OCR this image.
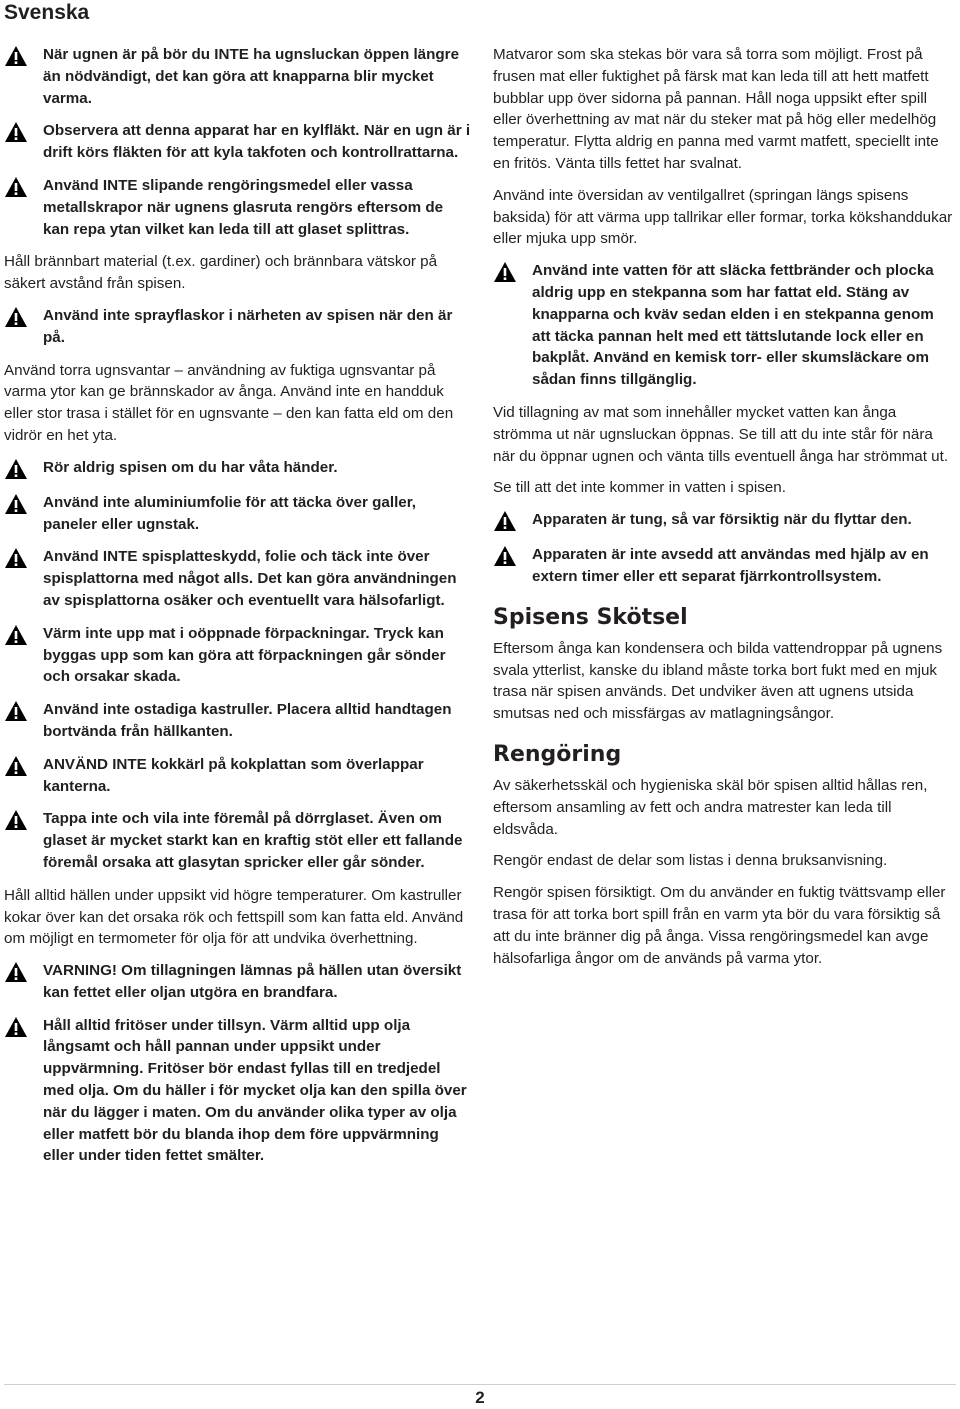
Svenska
När ugnen är på bör du INTE ha ugnsluckan öppen längre än nödvändigt, det kan göra att knapparna blir mycket varma.
Observera att denna apparat har en kylfläkt. När en ugn är i drift körs fläkten för att kyla takfoten och kontrollrattarna.
Använd INTE slipande rengöringsmedel eller vassa metallskrapor när ugnens glasruta rengörs eftersom de kan repa ytan vilket kan leda till att glaset splittras.

Håll brännbart material (t.ex. gardiner) och brännbara vätskor på säkert avstånd från spisen.

Använd inte sprayflaskor i närheten av spisen när den är på.

Använd torra ugnsvantar – användning av fuktiga ugnsvantar på varma ytor kan ge brännskador av ånga. Använd inte en handduk eller stor trasa i stället för en ugnsvante – den kan fatta eld om den vidrör en het yta.

Rör aldrig spisen om du har våta händer.
Använd inte aluminiumfolie för att täcka över galler, paneler eller ugnstak.
Använd INTE spisplatteskydd, folie och täck inte över spisplattorna med något alls. Det kan göra användningen av spisplattorna osäker och eventuellt vara hälsofarligt.
Värm inte upp mat i oöppnade förpackningar. Tryck kan byggas upp som kan göra att förpackningen går sönder och orsakar skada.
Använd inte ostadiga kastruller. Placera alltid handtagen bortvända från hällkanten.
ANVÄND INTE kokkärl på kokplattan som överlappar kanterna.
Tappa inte och vila inte föremål på dörrglaset. Även om glaset är mycket starkt kan en kraftig stöt eller ett fallande föremål orsaka att glasytan spricker eller går sönder.

Håll alltid hällen under uppsikt vid högre temperaturer. Om kastruller kokar över kan det orsaka rök och fettspill som kan fatta eld. Använd om möjligt en termometer för olja för att undvika överhettning.

VARNING! Om tillagningen lämnas på hällen utan översikt kan fettet eller oljan utgöra en brandfara.
Håll alltid fritöser under tillsyn. Värm alltid upp olja långsamt och håll pannan under uppsikt under uppvärmning. Fritöser bör endast fyllas till en tredjedel med olja. Om du häller i för mycket olja kan den spilla över när du lägger i maten. Om du använder olika typer av olja eller matfett bör du blanda ihop dem före uppvärmning eller under tiden fettet smälter.

Matvaror som ska stekas bör vara så torra som möjligt. Frost på frusen mat eller fuktighet på färsk mat kan leda till att hett matfett bubblar upp över sidorna på pannan. Håll noga uppsikt efter spill eller överhettning av mat när du steker mat på hög eller medelhög temperatur. Flytta aldrig en panna med varmt matfett, speciellt inte en fritös. Vänta tills fettet har svalnat.

Använd inte översidan av ventilgallret (springan längs spisens baksida) för att värma upp tallrikar eller formar, torka kökshanddukar eller mjuka upp smör.

Använd inte vatten för att släcka fettbränder och plocka aldrig upp en stekpanna som har fattat eld. Stäng av knapparna och kväv sedan elden i en stekpanna genom att täcka pannan helt med ett tättslutande lock eller en bakplåt. Använd en kemisk torr- eller skumsläckare om sådan finns tillgänglig.

Vid tillagning av mat som innehåller mycket vatten kan ånga strömma ut när ugnsluckan öppnas. Se till att du inte står för nära när du öppnar ugnen och vänta tills eventuell ånga har strömmat ut.

Se till att det inte kommer in vatten i spisen.

Apparaten är tung, så var försiktig när du flyttar den.
Apparaten är inte avsedd att användas med hjälp av en extern timer eller ett separat fjärrkontrollsystem.
Spisens Skötsel

Eftersom ånga kan kondensera och bilda vattendroppar på ugnens svala ytterlist, kanske du ibland måste torka bort fukt med en mjuk trasa när spisen används. Det undviker även att ugnens utsida smutsas ned och missfärgas av matlagningsångor.

Rengöring

Av säkerhetsskäl och hygieniska skäl bör spisen alltid hållas ren, eftersom ansamling av fett och andra matrester kan leda till eldsvåda.

Rengör endast de delar som listas i denna bruksanvisning.

Rengör spisen försiktigt. Om du använder en fuktig tvättsvamp eller trasa för att torka bort spill från en varm yta bör du vara försiktig så att du inte bränner dig på ånga. Vissa rengöringsmedel kan avge hälsofarliga ångor om de används på varma ytor.

2
